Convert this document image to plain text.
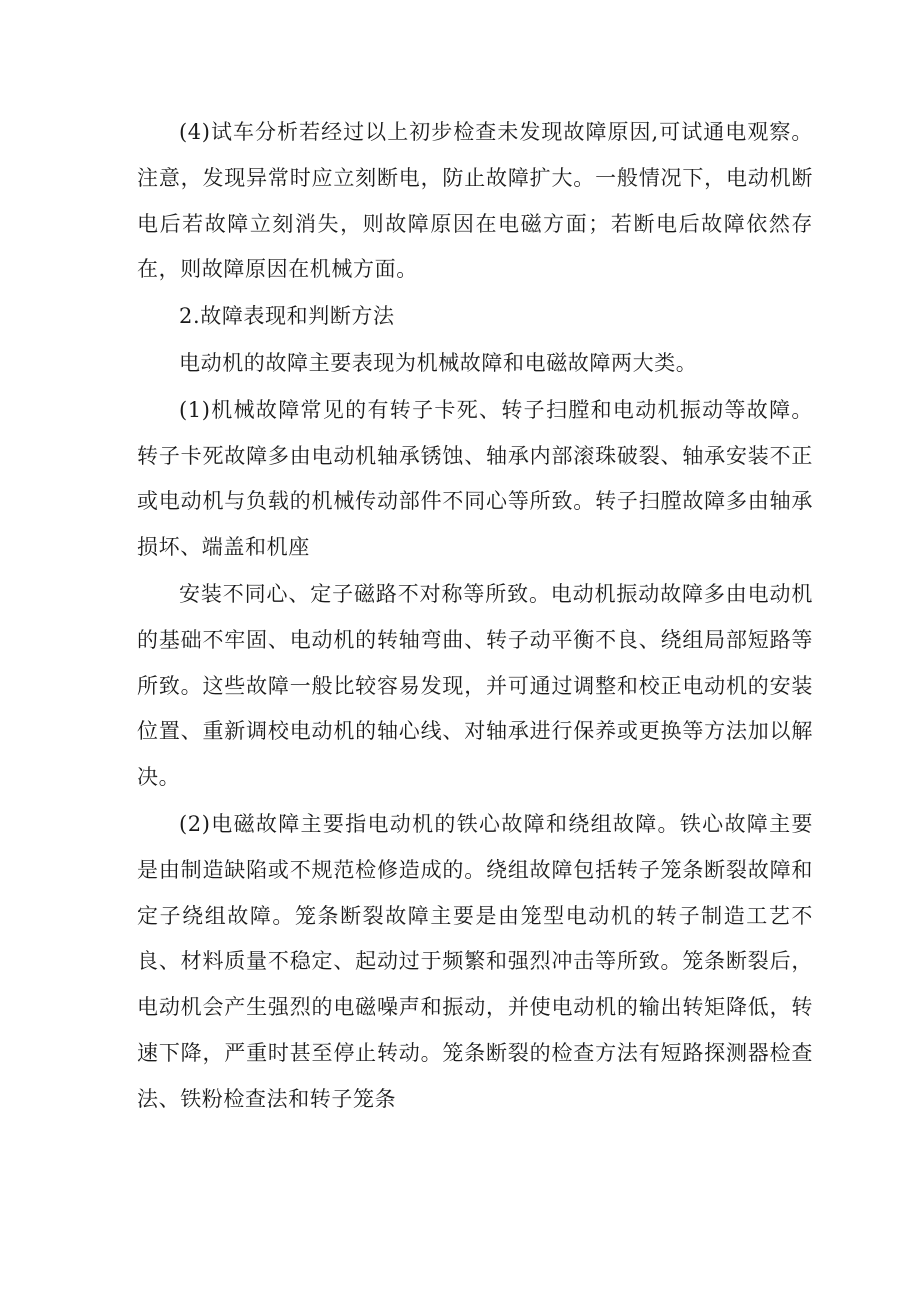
(4)试车分析若经过以上初步检查未发现故障原因,可试通电观察。注意，发现异常时应立刻断电，防止故障扩大。一般情况下，电动机断电后若故障立刻消失，则故障原因在电磁方面；若断电后故障依然存在，则故障原因在机械方面。

2.故障表现和判断方法

电动机的故障主要表现为机械故障和电磁故障两大类。

(1)机械故障常见的有转子卡死、转子扫膛和电动机振动等故障。转子卡死故障多由电动机轴承锈蚀、轴承内部滚珠破裂、轴承安装不正或电动机与负载的机械传动部件不同心等所致。转子扫膛故障多由轴承损坏、端盖和机座

安装不同心、定子磁路不对称等所致。电动机振动故障多由电动机的基础不牢固、电动机的转轴弯曲、转子动平衡不良、绕组局部短路等所致。这些故障一般比较容易发现，并可通过调整和校正电动机的安装位置、重新调校电动机的轴心线、对轴承进行保养或更换等方法加以解决。

(2)电磁故障主要指电动机的铁心故障和绕组故障。铁心故障主要是由制造缺陷或不规范检修造成的。绕组故障包括转子笼条断裂故障和定子绕组故障。笼条断裂故障主要是由笼型电动机的转子制造工艺不良、材料质量不稳定、起动过于频繁和强烈冲击等所致。笼条断裂后，电动机会产生强烈的电磁噪声和振动，并使电动机的输出转矩降低，转速下降，严重时甚至停止转动。笼条断裂的检查方法有短路探测器检查法、铁粉检查法和转子笼条
